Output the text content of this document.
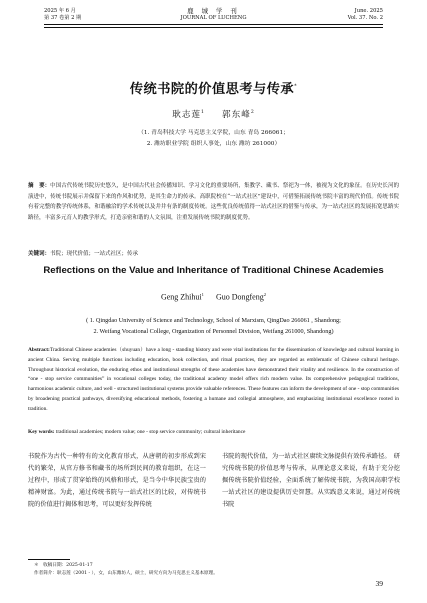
2025 年 6 月
第 37 卷第 2 期
鹿 城 学 刊
JOURNAL OF LUCHENG
June. 2025
Vol. 37. No. 2
传统书院的价值思考与传承*
耿志莲$^1$   郭东峰$^2$
（1. 青岛科技大学 马克思主义学院，山东 青岛 266061；
2. 潍坊职业学院 组织人事处，山东 潍坊 261000）
摘　要：中国古代传统书院历史悠久，是中国古代社会传播知识、学习文化的重要场所，集教学、藏书、祭祀为一体，被视为文化的象征。在历史长河的演进中，传统书院展示并保留下来的作风和优势，是其生命力的传承。高职院校在“一站式社区”建设中，可借鉴拓展传统书院丰富的现代价值。传统书院有着完整的教学传统体系，和谐融洽的学术传统以及井井有条的制度传统。这些优良传统值得一站式社区的借鉴与传承，为一站式社区的发展拓宽思路实路径，丰富多元育人的教学形式，打造亲密和谐的人文氛围，注重发展传统书院的制度优势。
关键词：书院；现代价值；一站式社区；传承
Reflections on the Value and Inheritance of Traditional Chinese Academies
Geng Zhihui$^1$   Guo Dongfeng$^2$
( 1. Qingdao University of Science and Technology, School of Marxism, QingDao 266061 , Shandong;
2. Weifang Vocational College, Organization of Personnel Division, Weifang 261000, Shandong)
Abstract:Traditional Chinese academies（shuyuan）have a long - standing history and were vital institutions for the dissemination of knowledge and cultural learning in ancient China. Serving multiple functions including education, book collection, and ritual practices, they are regarded as emblematic of Chinese cultural heritage. Throughout historical evolution, the enduring ethos and institutional strengths of these academies have demonstrated their vitality and resilience. In the construction of “one - stop service communities” in vocational colleges today, the traditional academy model offers rich modern value. Its comprehensive pedagogical traditions, harmonious academic culture, and well - structured institutional systems provide valuable references. These features can inform the development of one - stop communities by broadening practical pathways, diversifying educational methods, fostering a humane and collegial atmosphere, and emphasizing institutional excellence rooted in tradition.
Key words: traditional academies; modern value; one - stop service community; cultural inheritance

书院作为古代一种特有的文化教育形式，从唐朝的初步形成到宋代的繁荣，从官方修书和藏书的场所到民间的教育组织，在这一过程中，形成了贯穿始终的风格和形式，是当今中华民族宝贵的精神财富。为此，通过传统书院与一站式社区的比较，对传统书院的价值进行揭体和思考，可以更好发挥传统

书院的现代价值，为一站式社区赓续文脉提供有效传承路径。　研究传统书院的价值思考与传承，从理论意义来说，有助于充分挖掘传统书院价值经验，全面系统了解传统书院，为我国高职学校一站式社区的建设提供历史智慧。从实践意义来说，通过对传统书院

＊　收稿日期：2025-01-17
作者简介：耿志莲（2001 - ），女，山东潍坊人，硕士，研究方向为马克思主义基本原理。
39
